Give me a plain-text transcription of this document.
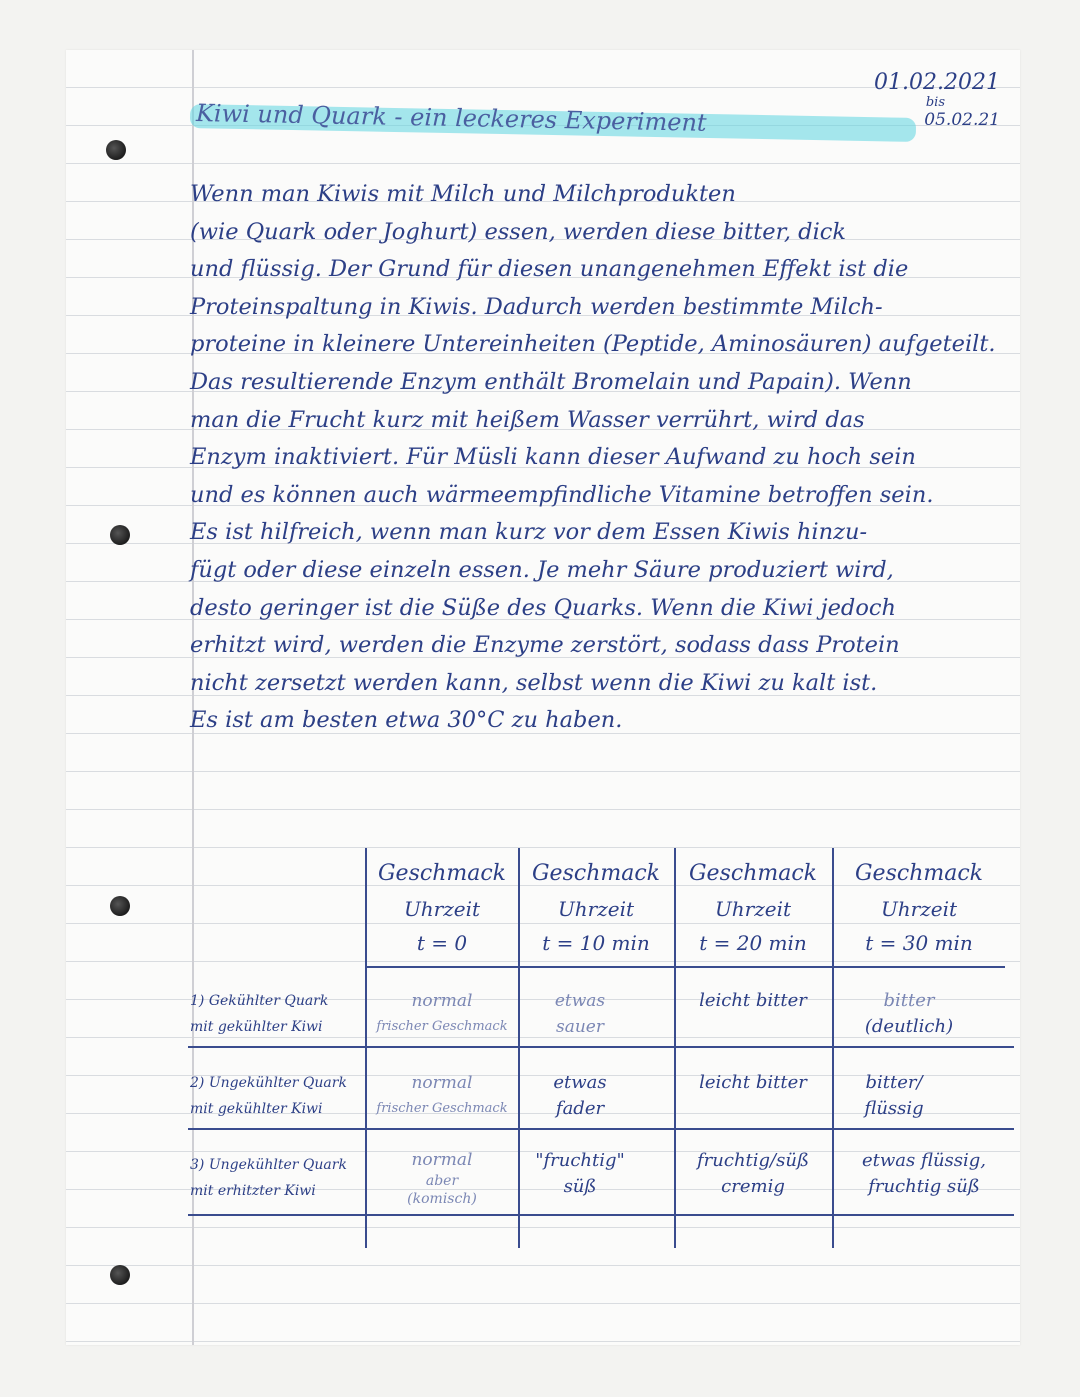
01.02.2021
bis
05.02.21
Kiwi und Quark - ein leckeres Experiment

Wenn man Kiwis mit Milch und Milchprodukten

(wie Quark oder Joghurt) essen, werden diese bitter, dick

und flüssig. Der Grund für diesen unangenehmen Effekt ist die

Proteinspaltung in Kiwis. Dadurch werden bestimmte Milch-

proteine in kleinere Untereinheiten (Peptide, Aminosäuren) aufgeteilt.

Das resultierende Enzym enthält Bromelain und Papain). Wenn

man die Frucht kurz mit heißem Wasser verrührt, wird das

Enzym inaktiviert. Für Müsli kann dieser Aufwand zu hoch sein

und es können auch wärmeempfindliche Vitamine betroffen sein.

Es ist hilfreich, wenn man kurz vor dem Essen Kiwis hinzu-

fügt oder diese einzeln essen. Je mehr Säure produziert wird,

desto geringer ist die Süße des Quarks. Wenn die Kiwi jedoch

erhitzt wird, werden die Enzyme zerstört, sodass dass Protein

nicht zersetzt werden kann, selbst wenn die Kiwi zu kalt ist.

Es ist am besten etwa 30°C zu haben.

Geschmack
Uhrzeit
t = 0
Geschmack
Uhrzeit
t = 10 min
Geschmack
Uhrzeit
t = 20 min
Geschmack
Uhrzeit
t = 30 min
1) Gekühlter Quark
mit gekühlter Kiwi
normal
frischer Geschmack
etwas
sauer
leicht bitter	bitter
(deutlich)
2) Ungekühlter Quark
mit gekühlter Kiwi
normal
frischer Geschmack
etwas
fader
leicht bitter	bitter/
flüssig
3) Ungekühlter Quark
mit erhitzter Kiwi
normal
aber
(komisch)
"fruchtig"
süß
fruchtig/süß
cremig
etwas flüssig,
fruchtig süß
